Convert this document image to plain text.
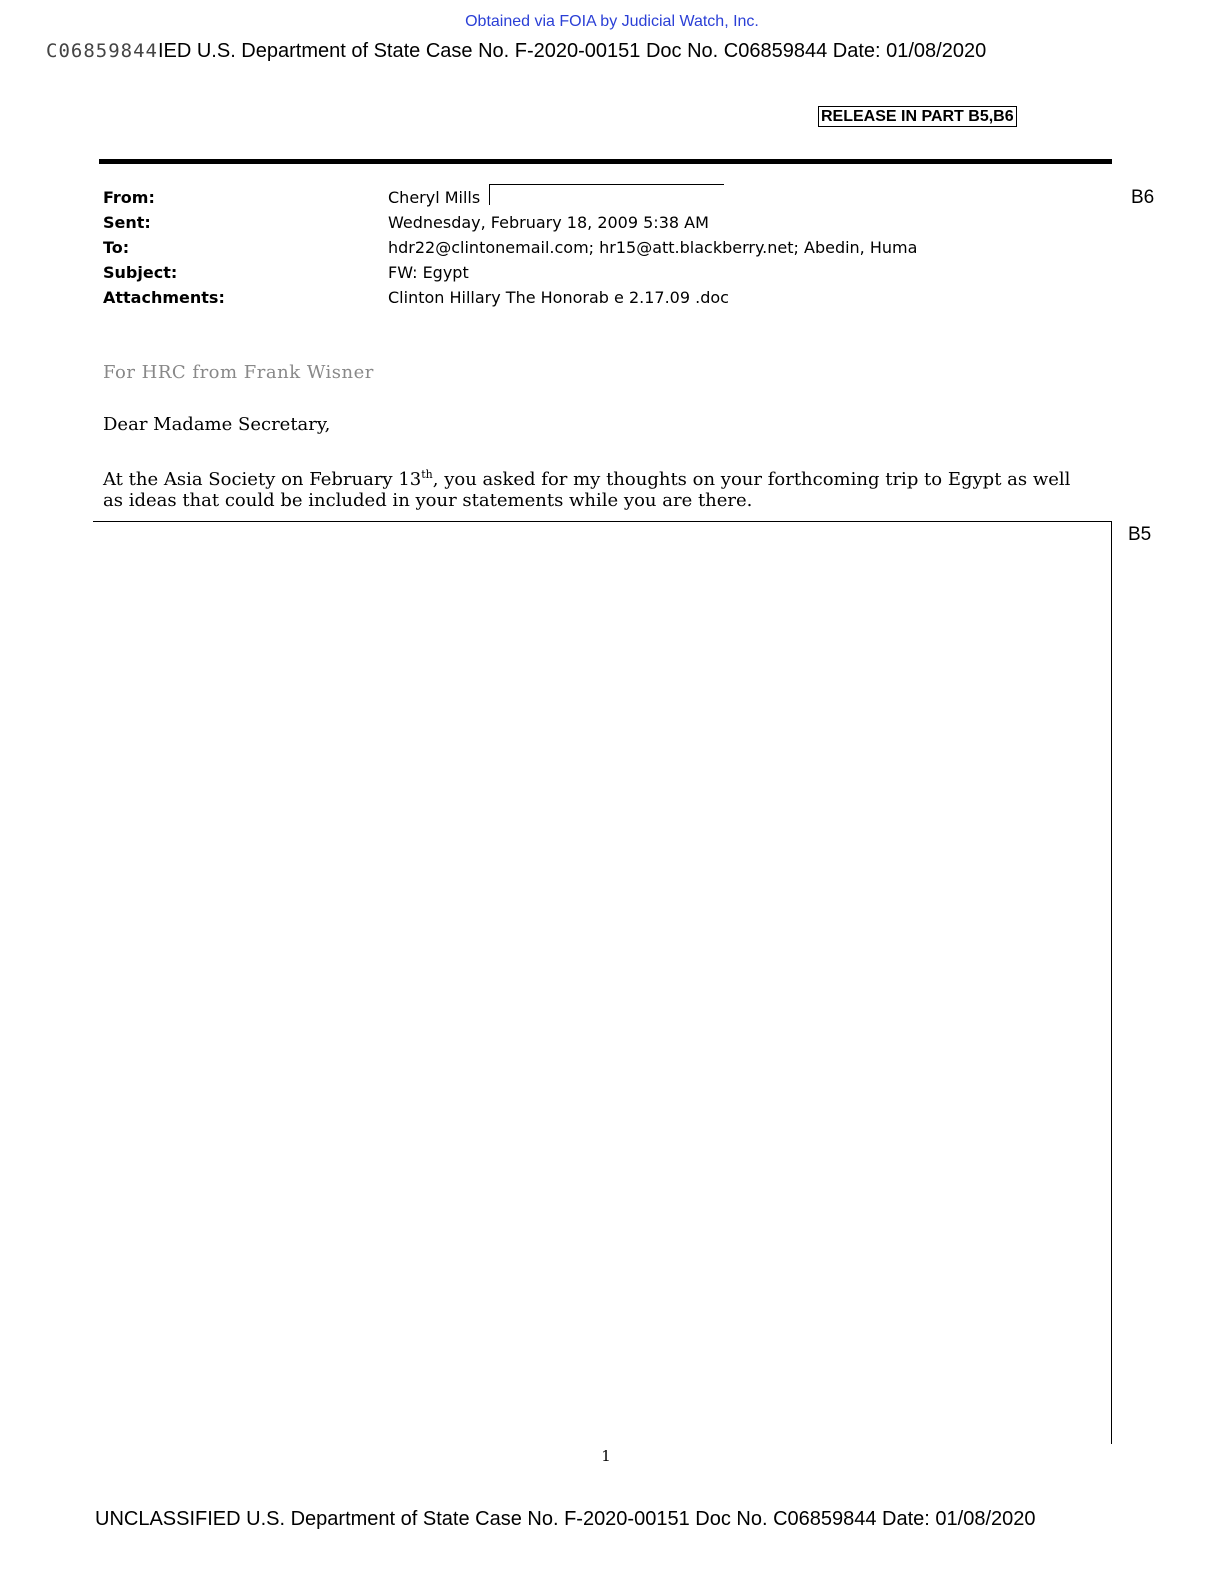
Obtained via FOIA by Judicial Watch, Inc.
C06859844IED U.S. Department of State Case No. F-2020-00151 Doc No. C06859844 Date: 01/08/2020
RELEASE IN PART B5,B6
From:	Cheryl Mills	B6
Sent:	Wednesday, February 18, 2009 5:38 AM
To:	hdr22@clintonemail.com; hr15@att.blackberry.net; Abedin, Huma
Subject:	FW: Egypt
Attachments:	Clinton Hillary The Honorab e 2.17.09 .doc
For HRC from Frank Wisner
Dear Madame Secretary,
At the Asia Society on February 13th, you asked for my thoughts on your forthcoming trip to Egypt as well
as ideas that could be included in your statements while you are there.
B5
1
UNCLASSIFIED U.S. Department of State Case No. F-2020-00151 Doc No. C06859844 Date: 01/08/2020
